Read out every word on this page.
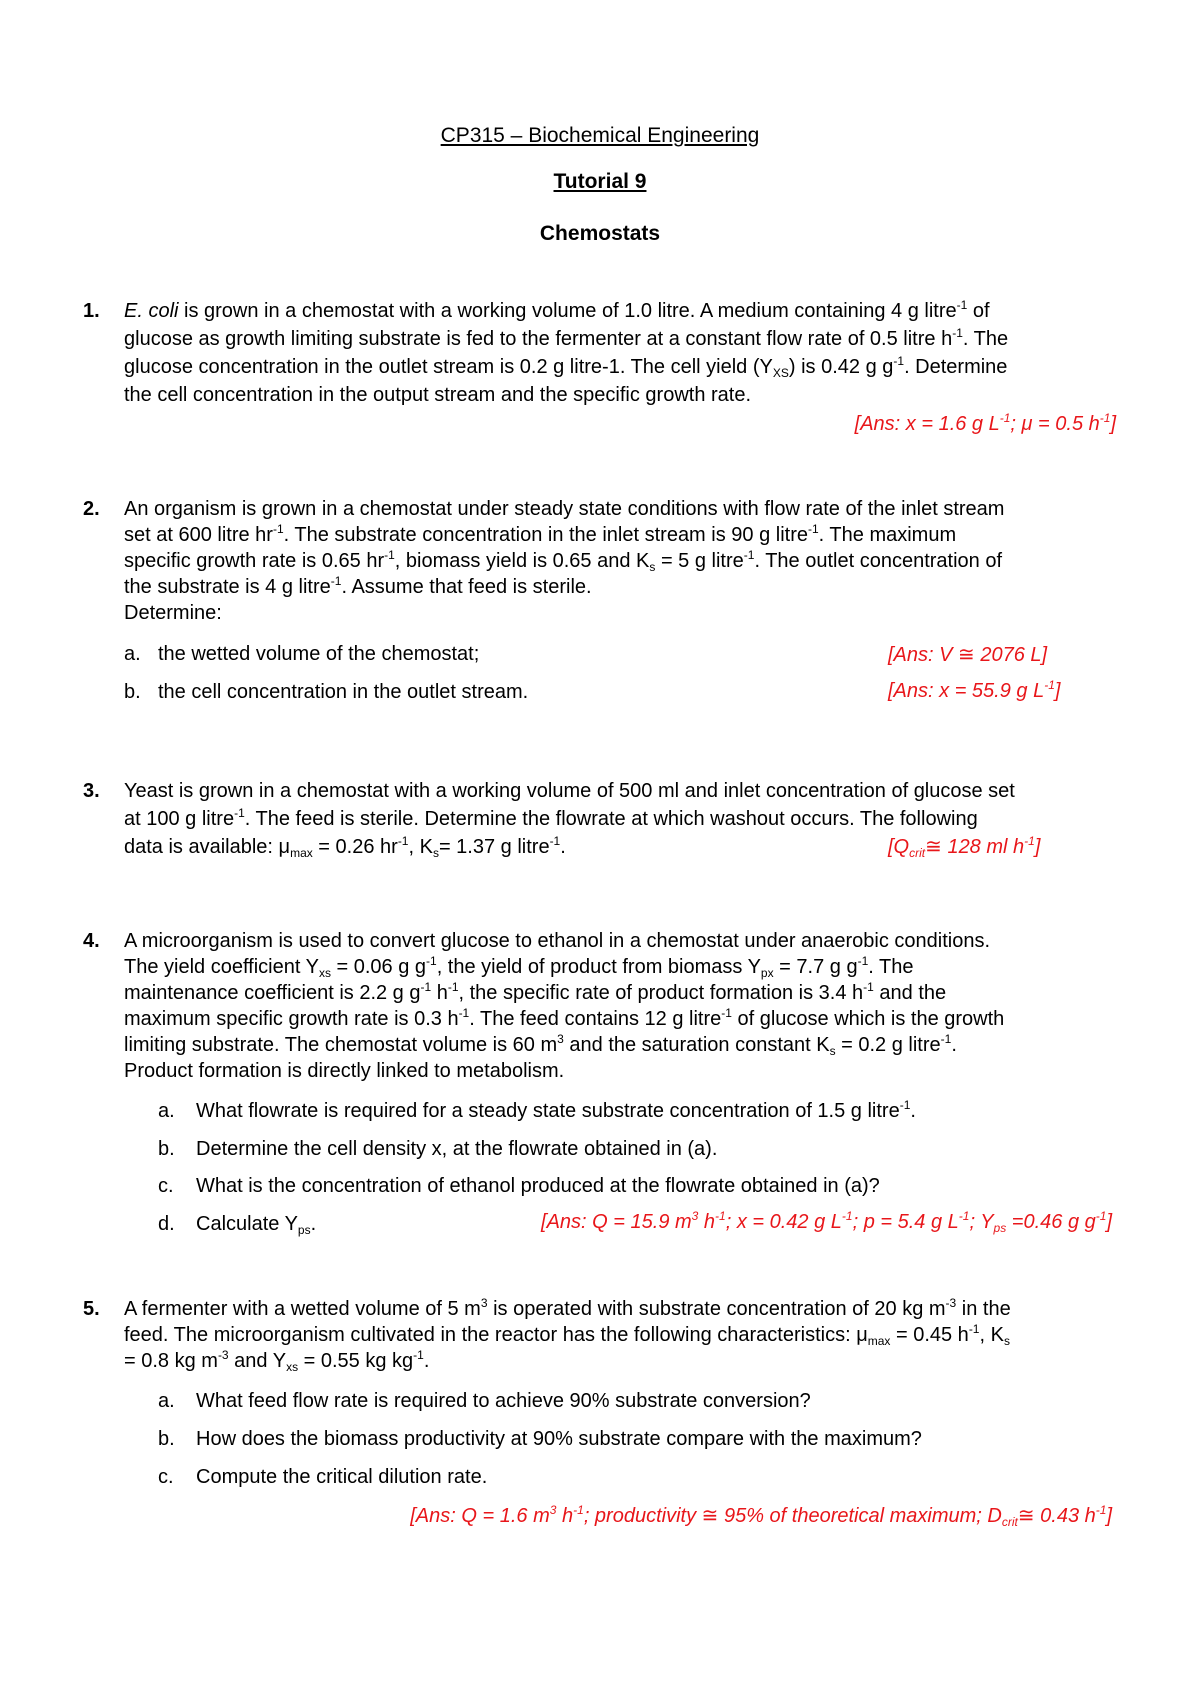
CP315 – Biochemical Engineering
Tutorial 9
Chemostats
1. E. coli is grown in a chemostat with a working volume of 1.0 litre. A medium containing 4 g litre$^{-1}$ of
glucose as growth limiting substrate is fed to the fermenter at a constant flow rate of 0.5 litre $h^{-1}$. The
glucose concentration in the outlet stream is 0.2 g litre-1. The cell yield $(Y_{XS})$ is 0.42 g $g^{-1}$. Determine
the cell concentration in the output stream and the specific growth rate.
[Ans: x = 1.6 g $L^{-1}$; μ = 0.5 $h^{-1}$]
2. An organism is grown in a chemostat under steady state conditions with flow rate of the inlet stream
set at 600 litre $hr^{-1}$. The substrate concentration in the inlet stream is 90 g litre$^{-1}$. The maximum
specific growth rate is 0.65 $hr^{-1}$, biomass yield is 0.65 and $K_s = 5$ g litre$^{-1}$. The outlet concentration of
the substrate is 4 g litre$^{-1}$. Assume that feed is sterile.
Determine:
a. the wetted volume of the chemostat;	[Ans: V ≅ 2076 L]
b. the cell concentration in the outlet stream.	[Ans: x = 55.9 g $L^{-1}$]
3. Yeast is grown in a chemostat with a working volume of 500 ml and inlet concentration of glucose set
at 100 g litre$^{-1}$. The feed is sterile. Determine the flowrate at which washout occurs. The following
data is available: $\mu_{max} = 0.26$ $hr^{-1}$, $K_s= 1.37$ g litre$^{-1}$.	[$Q_{crit}≅$ 128 ml $h^{-1}$]
4. A microorganism is used to convert glucose to ethanol in a chemostat under anaerobic conditions.
The yield coefficient $Y_{xs} = 0.06$ g $g^{-1}$, the yield of product from biomass $Y_{px} = 7.7$ g $g^{-1}$. The
maintenance coefficient is 2.2 g $g^{-1}$ $h^{-1}$, the specific rate of product formation is 3.4 $h^{-1}$ and the
maximum specific growth rate is 0.3 $h^{-1}$. The feed contains 12 g litre$^{-1}$ of glucose which is the growth
limiting substrate. The chemostat volume is 60 $m^3$ and the saturation constant $K_s = 0.2$ g litre$^{-1}$.
Product formation is directly linked to metabolism.
a. What flowrate is required for a steady state substrate concentration of 1.5 g litre$^{-1}$.
b. Determine the cell density x, at the flowrate obtained in (a).
c. What is the concentration of ethanol produced at the flowrate obtained in (a)?
d. Calculate $Y_{ps}$.	[Ans: Q = 15.9 $m^3$ $h^{-1}$; x = 0.42 g $L^{-1}$; p = 5.4 g $L^{-1}$; $Y_{ps} =0.46$ g $g^{-1}$]
5. A fermenter with a wetted volume of 5 $m^3$ is operated with substrate concentration of 20 kg $m^{-3}$ in the
feed. The microorganism cultivated in the reactor has the following characteristics: $\mu_{max} = 0.45$ $h^{-1}$, $K_s$
= 0.8 kg $m^{-3}$ and $Y_{xs} = 0.55$ kg $kg^{-1}$.
a. What feed flow rate is required to achieve 90% substrate conversion?
b. How does the biomass productivity at 90% substrate compare with the maximum?
c. Compute the critical dilution rate.
[Ans: Q = 1.6 $m^3$ $h^{-1}$; productivity ≅ 95% of theoretical maximum; $D_{crit}≅$ 0.43 $h^{-1}$]
